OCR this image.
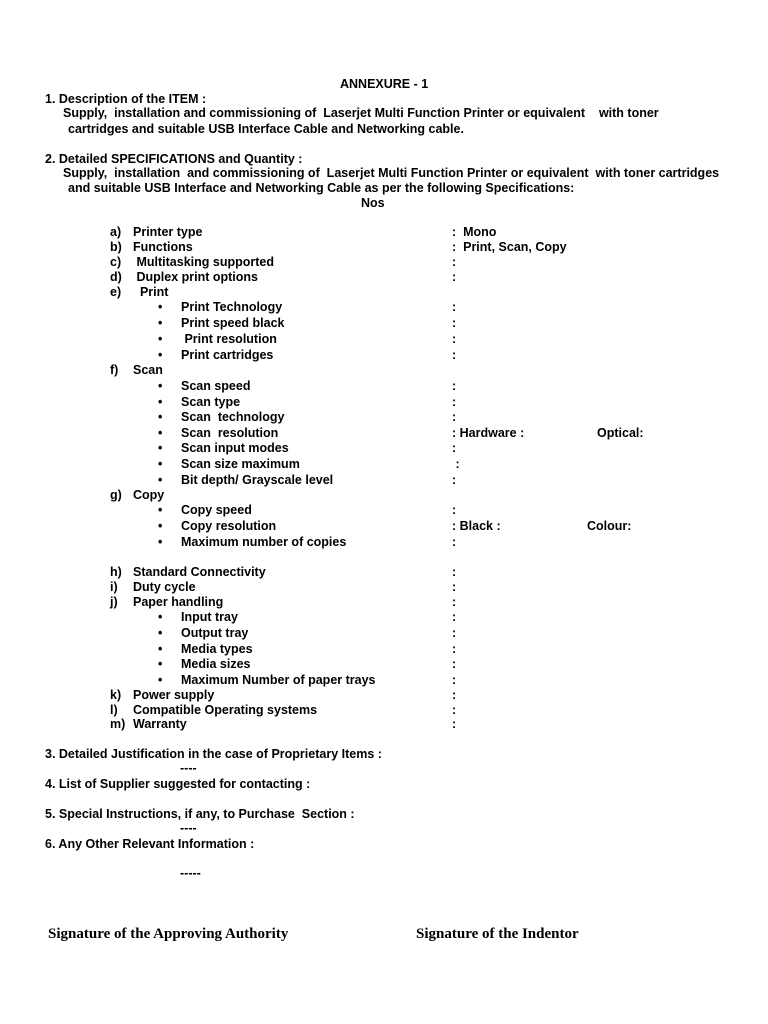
ANNEXURE - 1
1. Description of the ITEM :
Supply,  installation and commissioning of  Laserjet Multi Function Printer or equivalent    with toner
cartridges and suitable USB Interface Cable and Networking cable.
2. Detailed SPECIFICATIONS and Quantity :
Supply,  installation  and commissioning of  Laserjet Multi Function Printer or equivalent  with toner cartridges
and suitable USB Interface and Networking Cable as per the following Specifications:
Nos
a) Printer type	:  Mono
b) Functions	:  Print, Scan, Copy
c) Multitasking supported	:
d) Duplex print options	:
e) Print
• Print Technology	:
• Print speed black	:
• Print resolution	:
• Print cartridges	:
f) Scan
• Scan speed	:
• Scan type	:
• Scan  technology	:
• Scan  resolution	: Hardware :	Optical:
• Scan input modes	:
• Scan size maximum	:
• Bit depth/ Grayscale level	:
g) Copy
• Copy speed	:
• Copy resolution	: Black :	Colour:
• Maximum number of copies	:
h) Standard Connectivity	:
i) Duty cycle	:
j) Paper handling	:
• Input tray	:
• Output tray	:
• Media types	:
• Media sizes	:
• Maximum Number of paper trays	:
k) Power supply	:
l) Compatible Operating systems	:
m) Warranty	:
3. Detailed Justification in the case of Proprietary Items :
----
4. List of Supplier suggested for contacting :
5. Special Instructions, if any, to Purchase  Section :
----
6. Any Other Relevant Information :
-----
Signature of the Approving Authority	Signature of the Indentor
